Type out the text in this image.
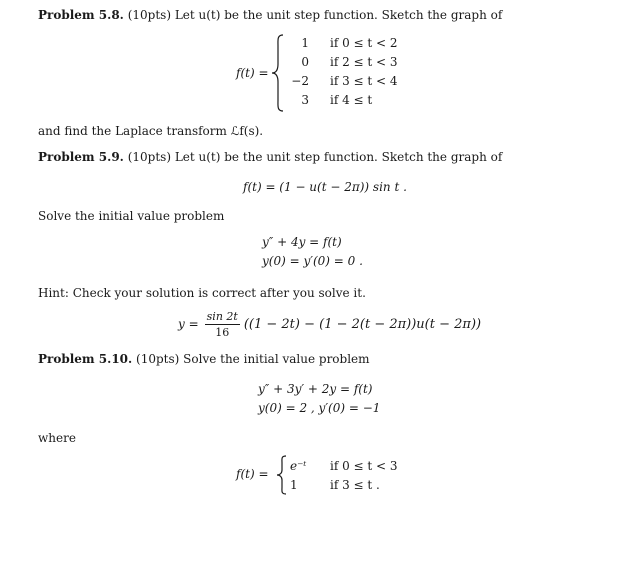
Problem 5.8. (10pts) Let u(t) be the unit step function. Sketch the graph of
f(t) =
1 if 0 ≤ t < 2
0 if 2 ≤ t < 3
−2 if 3 ≤ t < 4
3 if 4 ≤ t
and find the Laplace transform ℒf(s).
Problem 5.9. (10pts) Let u(t) be the unit step function. Sketch the graph of
f(t) = (1 − u(t − 2π)) sin t .
Solve the initial value problem
y″ + 4y = f(t)
y(0) = y′(0) = 0 .
Hint: Check your solution is correct after you solve it.
$y = \frac{\sin 2t}{16} ((1 - 2t) - (1 - 2(t - 2\pi))u(t - 2\pi))$
Problem 5.10. (10pts) Solve the initial value problem
y″ + 3y′ + 2y = f(t)
y(0) = 2 , y′(0) = −1
where
f(t) =
e⁻ᵗ if 0 ≤ t < 3
1	if 3 ≤ t .
